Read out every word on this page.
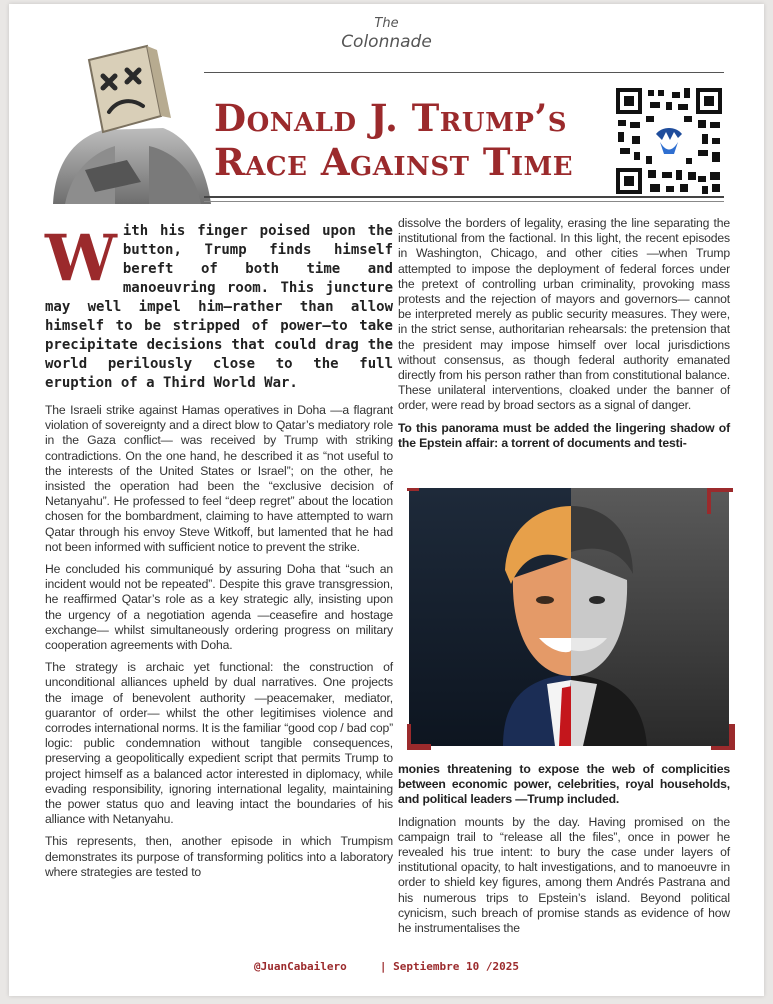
The
Colonnade
Donald J. Trump’s
Race Against Time
With his finger poised upon the button, Trump finds himself bereft of both time and manoeuvring room. This juncture may well impel him—rather than allow himself to be stripped of power—to take precipitate decisions that could drag the world perilously close to the full eruption of a Third World War.

The Israeli strike against Hamas operatives in Doha —a flagrant violation of sovereignty and a direct blow to Qatar’s mediatory role in the Gaza conflict— was received by Trump with striking contradictions. On the one hand, he described it as “not useful to the interests of the United States or Israel”; on the other, he insisted the operation had been the “exclusive decision of Netanyahu”. He professed to feel “deep regret” about the location chosen for the bombardment, claiming to have attempted to warn Qatar through his envoy Steve Witkoff, but lamented that he had not been informed with sufficient notice to prevent the strike.

He concluded his communiqué by assuring Doha that “such an incident would not be repeated”. Despite this grave transgression, he reaffirmed Qatar’s role as a key strategic ally, insisting upon the urgency of a negotiation agenda —ceasefire and hostage exchange— whilst simultaneously ordering progress on military cooperation agreements with Doha.

The strategy is archaic yet functional: the construction of unconditional alliances upheld by dual narratives. One projects the image of benevolent authority —peacemaker, mediator, guarantor of order— whilst the other legitimises violence and corrodes international norms. It is the familiar “good cop / bad cop” logic: public condemnation without tangible consequences, preserving a geopolitically expedient script that permits Trump to project himself as a balanced actor interested in diplomacy, while evading responsibility, ignoring international legality, maintaining the power status quo and leaving intact the boundaries of his alliance with Netanyahu.

This represents, then, another episode in which Trumpism demonstrates its purpose of transforming politics into a laboratory where strategies are tested to

dissolve the borders of legality, erasing the line separating the institutional from the factional. In this light, the recent episodes in Washington, Chicago, and other cities —when Trump attempted to impose the deployment of federal forces under the pretext of controlling urban criminality, provoking mass protests and the rejection of mayors and governors— cannot be interpreted merely as public security measures. They were, in the strict sense, authoritarian rehearsals: the pretension that the president may impose himself over local jurisdictions without consensus, as though federal authority emanated directly from his person rather than from constitutional balance. These unilateral interventions, cloaked under the banner of order, were read by broad sectors as a signal of danger.

To this panorama must be added the lingering shadow of the Epstein affair: a torrent of documents and testi-

monies threatening to expose the web of complicities between economic power, celebrities, royal households, and political leaders —Trump included.

Indignation mounts by the day. Having promised on the campaign trail to “release all the files”, once in power he revealed his true intent: to bury the case under layers of institutional opacity, to halt investigations, and to manoeuvre in order to shield key figures, among them Andrés Pastrana and his numerous trips to Epstein’s island. Beyond political cynicism, such breach of promise stands as evidence of how he instrumentalises the

@JuanCabailero	| Septiembre 10 /2025
